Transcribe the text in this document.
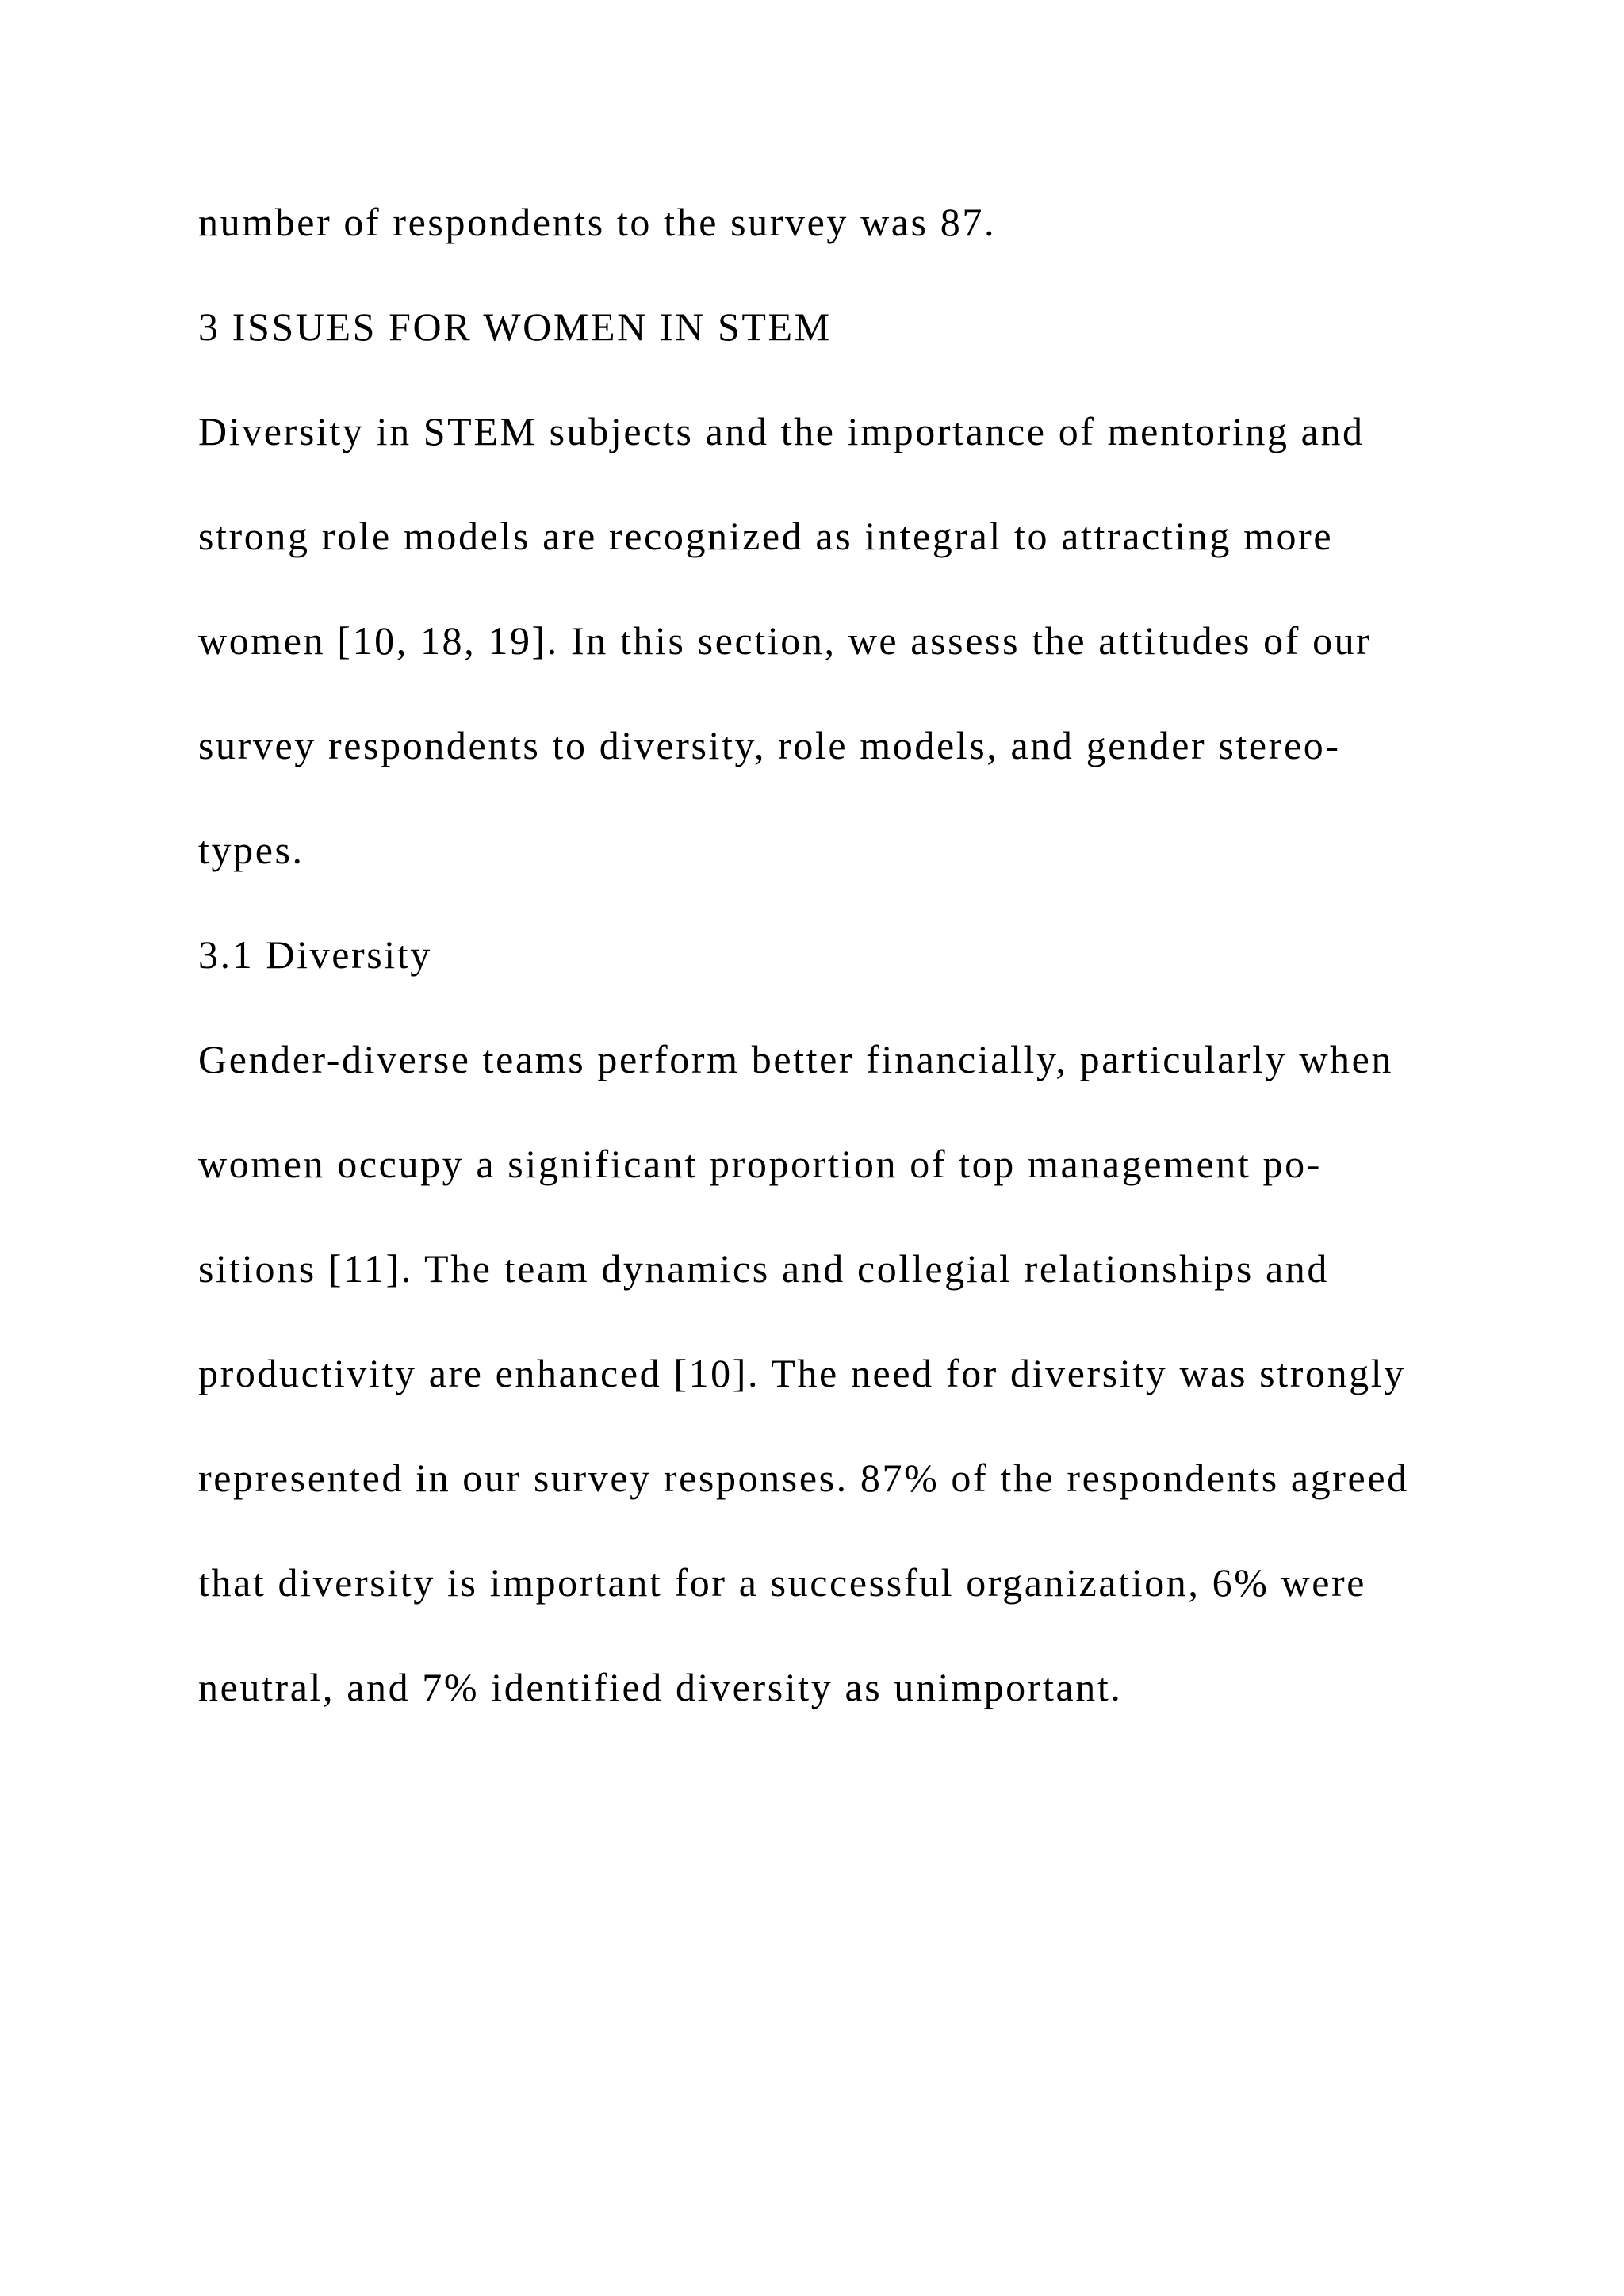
number of respondents to the survey was 87.

3 ISSUES FOR WOMEN IN STEM

Diversity in STEM subjects and the importance of mentoring and

strong role models are recognized as integral to attracting more

women [10, 18, 19]. In this section, we assess the attitudes of our

survey respondents to diversity, role models, and gender stereo-

types.

3.1 Diversity

Gender-diverse teams perform better financially, particularly when

women occupy a significant proportion of top management po-

sitions [11]. The team dynamics and collegial relationships and

productivity are enhanced [10]. The need for diversity was strongly

represented in our survey responses. 87% of the respondents agreed

that diversity is important for a successful organization, 6% were

neutral, and 7% identified diversity as unimportant.
